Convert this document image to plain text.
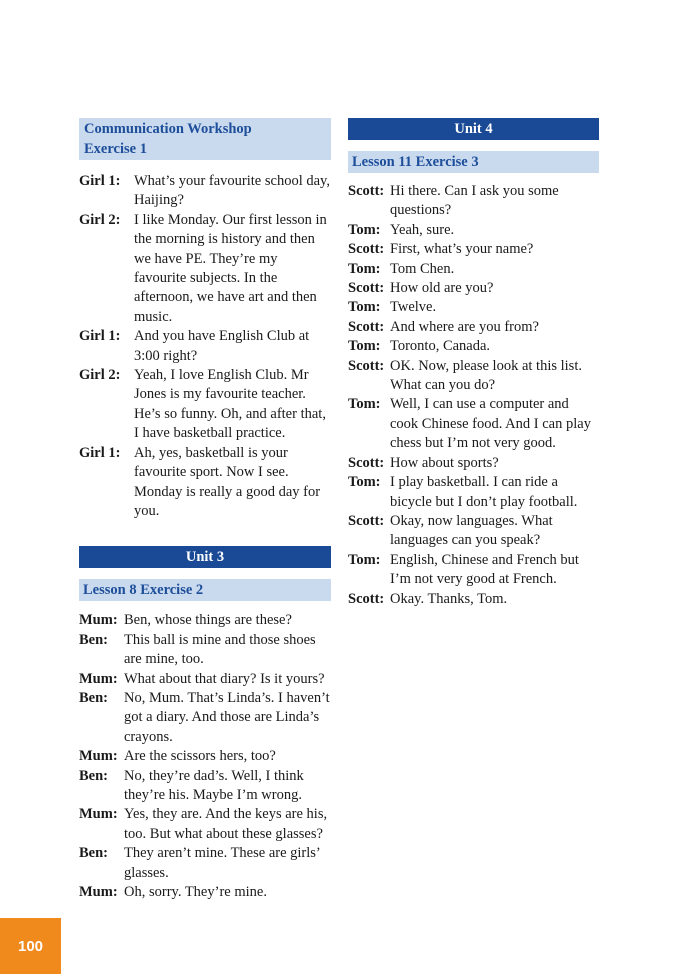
Communication Workshop
Exercise 1
Girl 1: What’s your favourite school day, Haijing?
Girl 2: I like Monday. Our first lesson in the morning is history and then we have PE. They’re my favourite subjects. In the afternoon, we have art and then music.
Girl 1: And you have English Club at 3:00 right?
Girl 2: Yeah, I love English Club. Mr Jones is my favourite teacher. He’s so funny. Oh, and after that, I have basketball practice.
Girl 1: Ah, yes, basketball is your favourite sport. Now I see. Monday is really a good day for you.
Unit 3
Lesson 8 Exercise 2
Mum: Ben, whose things are these?
Ben:	This ball is mine and those shoes are mine, too.
Mum: What about that diary? Is it yours?
Ben:	No, Mum. That’s Linda’s. I haven’t got a diary. And those are Linda’s crayons.
Mum: Are the scissors hers, too?
Ben:	No, they’re dad’s. Well, I think they’re his. Maybe I’m wrong.
Mum: Yes, they are. And the keys are his, too. But what about these glasses?
Ben:	They aren’t mine. These are girls’ glasses.
Mum: Oh, sorry. They’re mine.
Unit 4
Lesson 11 Exercise 3
Scott: Hi there. Can I ask you some questions?
Tom: Yeah, sure.
Scott: First, what’s your name?
Tom: Tom Chen.
Scott: How old are you?
Tom: Twelve.
Scott: And where are you from?
Tom: Toronto, Canada.
Scott: OK. Now, please look at this list. What can you do?
Tom: Well, I can use a computer and cook Chinese food. And I can play chess but I’m not very good.
Scott: How about sports?
Tom: I play basketball. I can ride a bicycle but I don’t play football.
Scott: Okay, now languages. What languages can you speak?
Tom: English, Chinese and French but I’m not very good at French.
Scott: Okay. Thanks, Tom.
100
